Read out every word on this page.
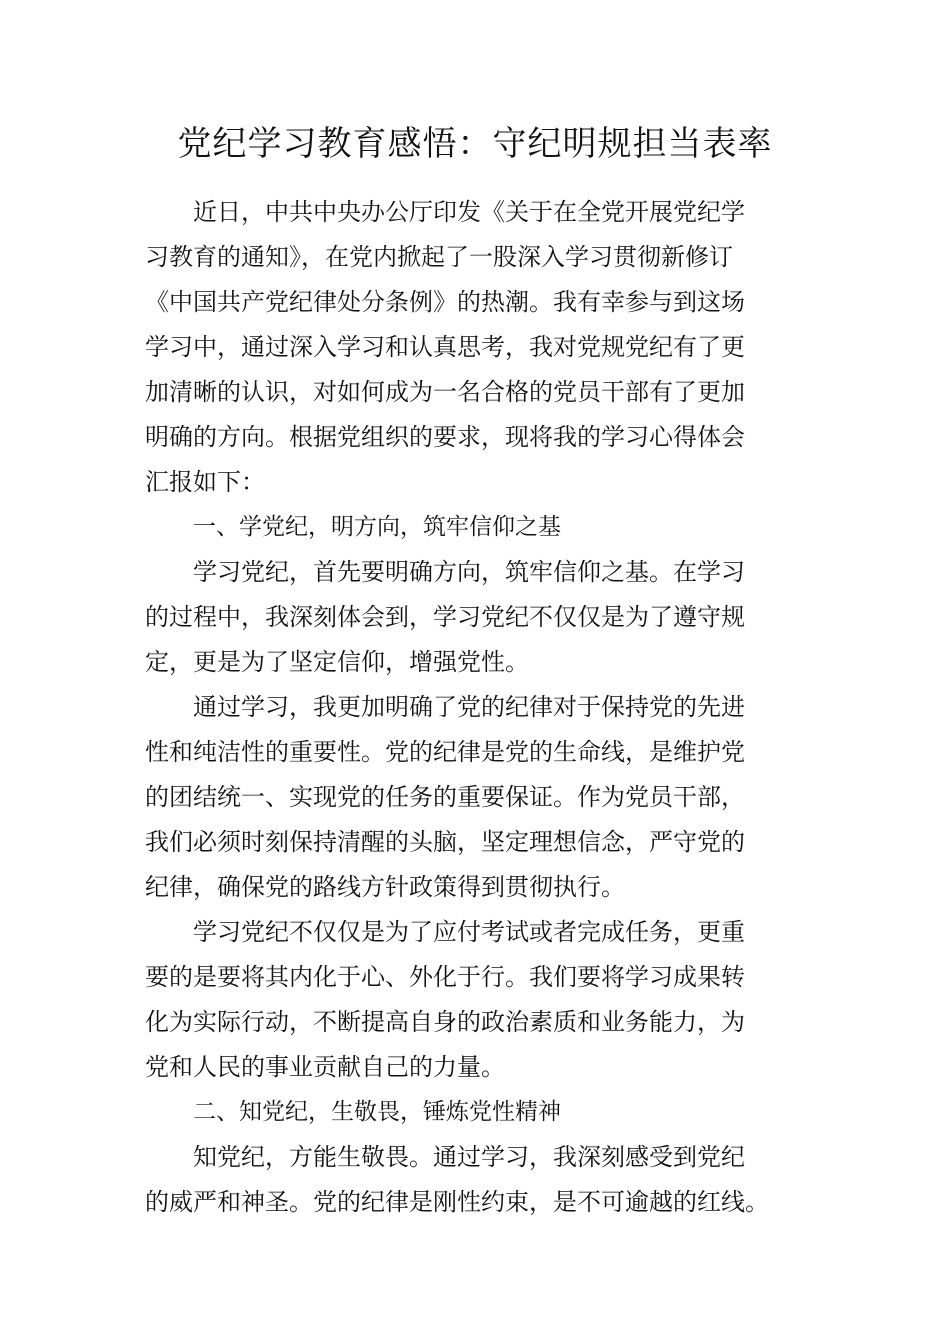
党纪学习教育感悟：守纪明规担当表率
近日，中共中央办公厅印发《关于在全党开展党纪学
习教育的通知》，在党内掀起了一股深入学习贯彻新修订
《中国共产党纪律处分条例》的热潮。我有幸参与到这场
学习中，通过深入学习和认真思考，我对党规党纪有了更
加清晰的认识，对如何成为一名合格的党员干部有了更加
明确的方向。根据党组织的要求，现将我的学习心得体会
汇报如下：
一、学党纪，明方向，筑牢信仰之基
学习党纪，首先要明确方向，筑牢信仰之基。在学习
的过程中，我深刻体会到，学习党纪不仅仅是为了遵守规
定，更是为了坚定信仰，增强党性。
通过学习，我更加明确了党的纪律对于保持党的先进
性和纯洁性的重要性。党的纪律是党的生命线，是维护党
的团结统一、实现党的任务的重要保证。作为党员干部，
我们必须时刻保持清醒的头脑，坚定理想信念，严守党的
纪律，确保党的路线方针政策得到贯彻执行。
学习党纪不仅仅是为了应付考试或者完成任务，更重
要的是要将其内化于心、外化于行。我们要将学习成果转
化为实际行动，不断提高自身的政治素质和业务能力，为
党和人民的事业贡献自己的力量。
二、知党纪，生敬畏，锤炼党性精神
知党纪，方能生敬畏。通过学习，我深刻感受到党纪
的威严和神圣。党的纪律是刚性约束，是不可逾越的红线。
